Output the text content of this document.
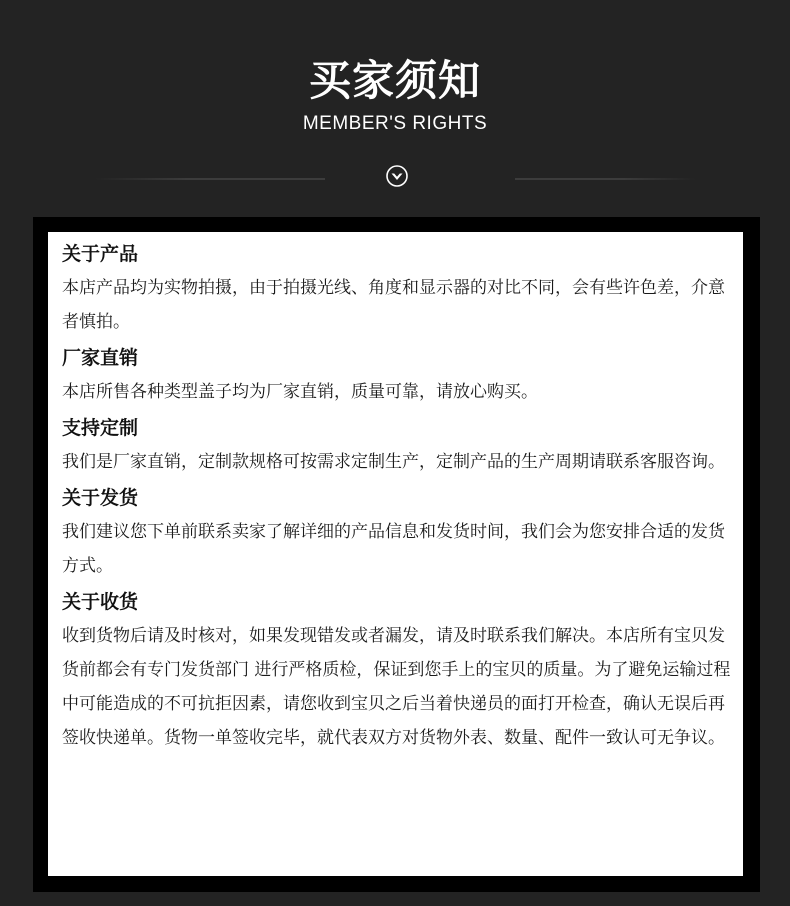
买家须知
MEMBER'S RIGHTS
关于产品
本店产品均为实物拍摄，由于拍摄光线、角度和显示器的对比不同，会有些许色差，介意者慎拍。
厂家直销
本店所售各种类型盖子均为厂家直销，质量可靠，请放心购买。
支持定制
我们是厂家直销，定制款规格可按需求定制生产，定制产品的生产周期请联系客服咨询。
关于发货
我们建议您下单前联系卖家了解详细的产品信息和发货时间，我们会为您安排合适的发货方式。
关于收货
收到货物后请及时核对，如果发现错发或者漏发，请及时联系我们解决。本店所有宝贝发货前都会有专门发货部门 进行严格质检，保证到您手上的宝贝的质量。为了避免运输过程中可能造成的不可抗拒因素，请您收到宝贝之后当着快递员的面打开检查，确认无误后再签收快递单。货物一单签收完毕，就代表双方对货物外表、数量、配件一致认可无争议。
